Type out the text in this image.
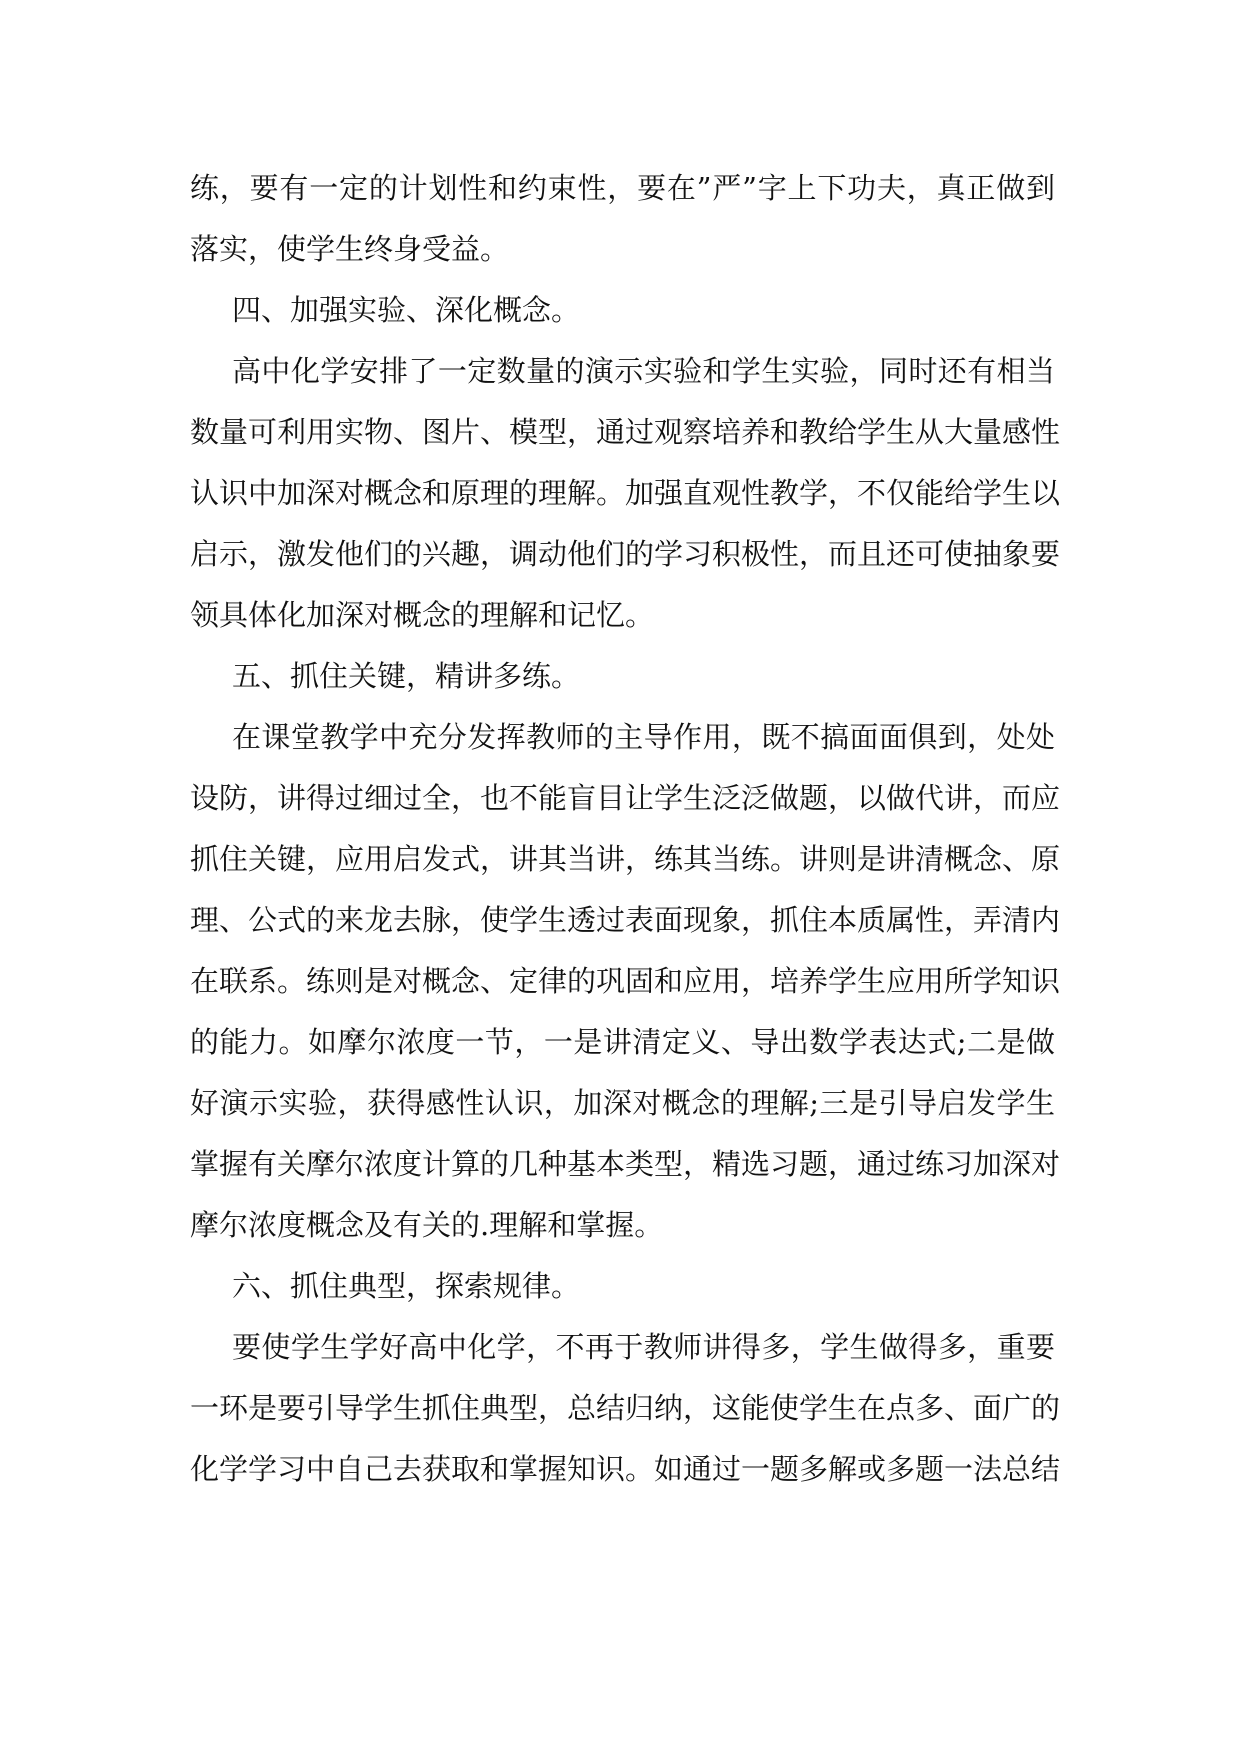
练，要有一定的计划性和约束性，要在”严”字上下功夫，真正做到
落实，使学生终身受益。
四、加强实验、深化概念。
高中化学安排了一定数量的演示实验和学生实验，同时还有相当
数量可利用实物、图片、模型，通过观察培养和教给学生从大量感性
认识中加深对概念和原理的理解。加强直观性教学，不仅能给学生以
启示，激发他们的兴趣，调动他们的学习积极性，而且还可使抽象要
领具体化加深对概念的理解和记忆。
五、抓住关键，精讲多练。
在课堂教学中充分发挥教师的主导作用，既不搞面面俱到，处处
设防，讲得过细过全，也不能盲目让学生泛泛做题，以做代讲，而应
抓住关键，应用启发式，讲其当讲，练其当练。讲则是讲清概念、原
理、公式的来龙去脉，使学生透过表面现象，抓住本质属性，弄清内
在联系。练则是对概念、定律的巩固和应用，培养学生应用所学知识
的能力。如摩尔浓度一节，一是讲清定义、导出数学表达式;二是做
好演示实验，获得感性认识，加深对概念的理解;三是引导启发学生
掌握有关摩尔浓度计算的几种基本类型，精选习题，通过练习加深对
摩尔浓度概念及有关的.理解和掌握。
六、抓住典型，探索规律。
要使学生学好高中化学，不再于教师讲得多，学生做得多，重要
一环是要引导学生抓住典型，总结归纳，这能使学生在点多、面广的
化学学习中自己去获取和掌握知识。如通过一题多解或多题一法总结
